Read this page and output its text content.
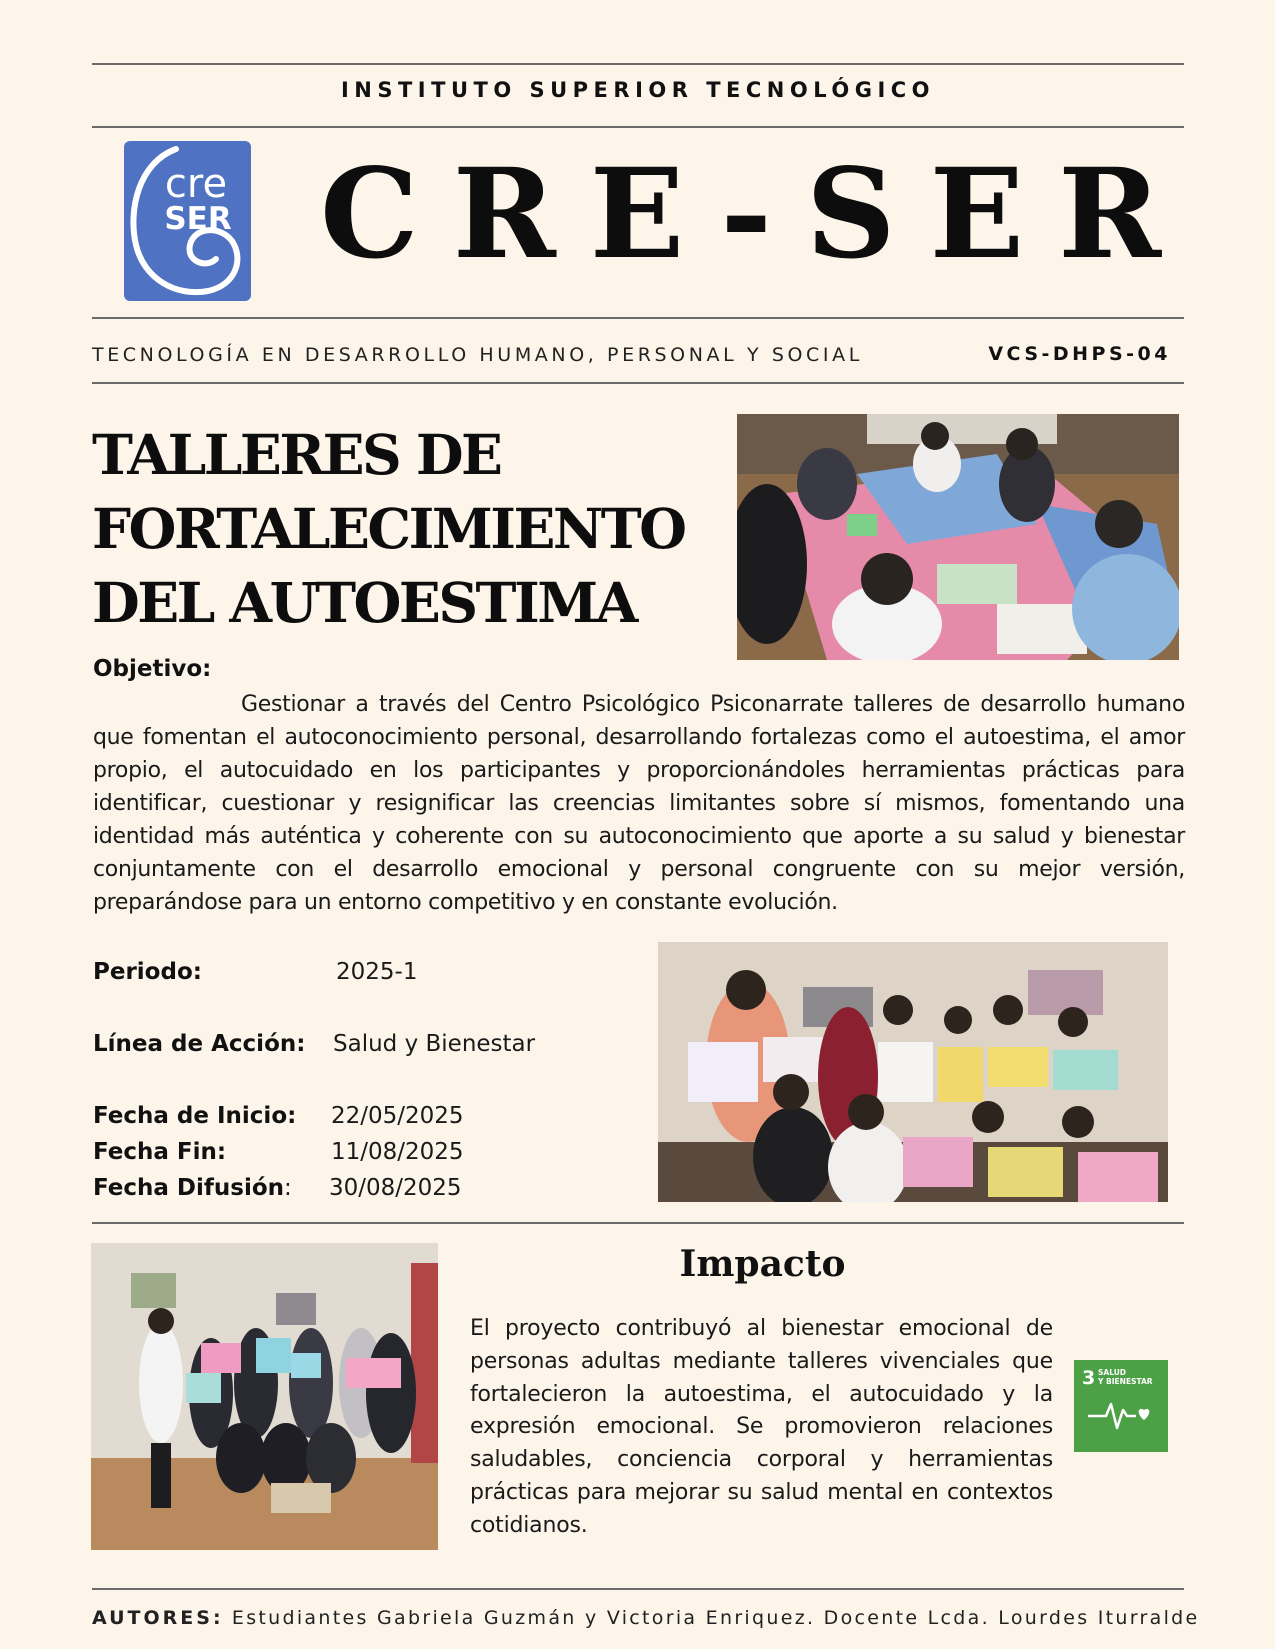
INSTITUTO SUPERIOR TECNOLÓGICO
cre
SER CRE-SER
TECNOLOGÍA EN DESARROLLO HUMANO, PERSONAL Y SOCIAL	VCS-DHPS-04
TALLERES DE
FORTALECIMIENTO
DEL AUTOESTIMA
Objetivo:
Gestionar a través del Centro Psicológico Psiconarrate talleres de desarrollo humano que fomentan el autoconocimiento personal, desarrollando fortalezas como el autoestima, el amor propio, el autocuidado en los participantes y proporcionándoles herramientas prácticas para identificar, cuestionar y resignificar las creencias limitantes sobre sí mismos, fomentando una identidad más auténtica y coherente con su autoconocimiento que aporte a su salud y bienestar conjuntamente con el desarrollo emocional y personal congruente con su mejor versión, preparándose para un entorno competitivo y en constante evolución.
Periodo:	2025-1
Línea de Acción: Salud y Bienestar
Fecha de Inicio: 22/05/2025
Fecha Fin:	11/08/2025
Fecha Difusión: 30/08/2025
Impacto
El proyecto contribuyó al bienestar emocional de personas adultas mediante talleres vivenciales que fortalecieron la autoestima, el autocuidado y la expresión emocional. Se promovieron relaciones saludables, conciencia corporal y herramientas prácticas para mejorar su salud mental en contextos cotidianos.
3 SALUD
Y BIENESTAR
AUTORES: Estudiantes Gabriela Guzmán y Victoria Enriquez. Docente Lcda. Lourdes Iturralde
